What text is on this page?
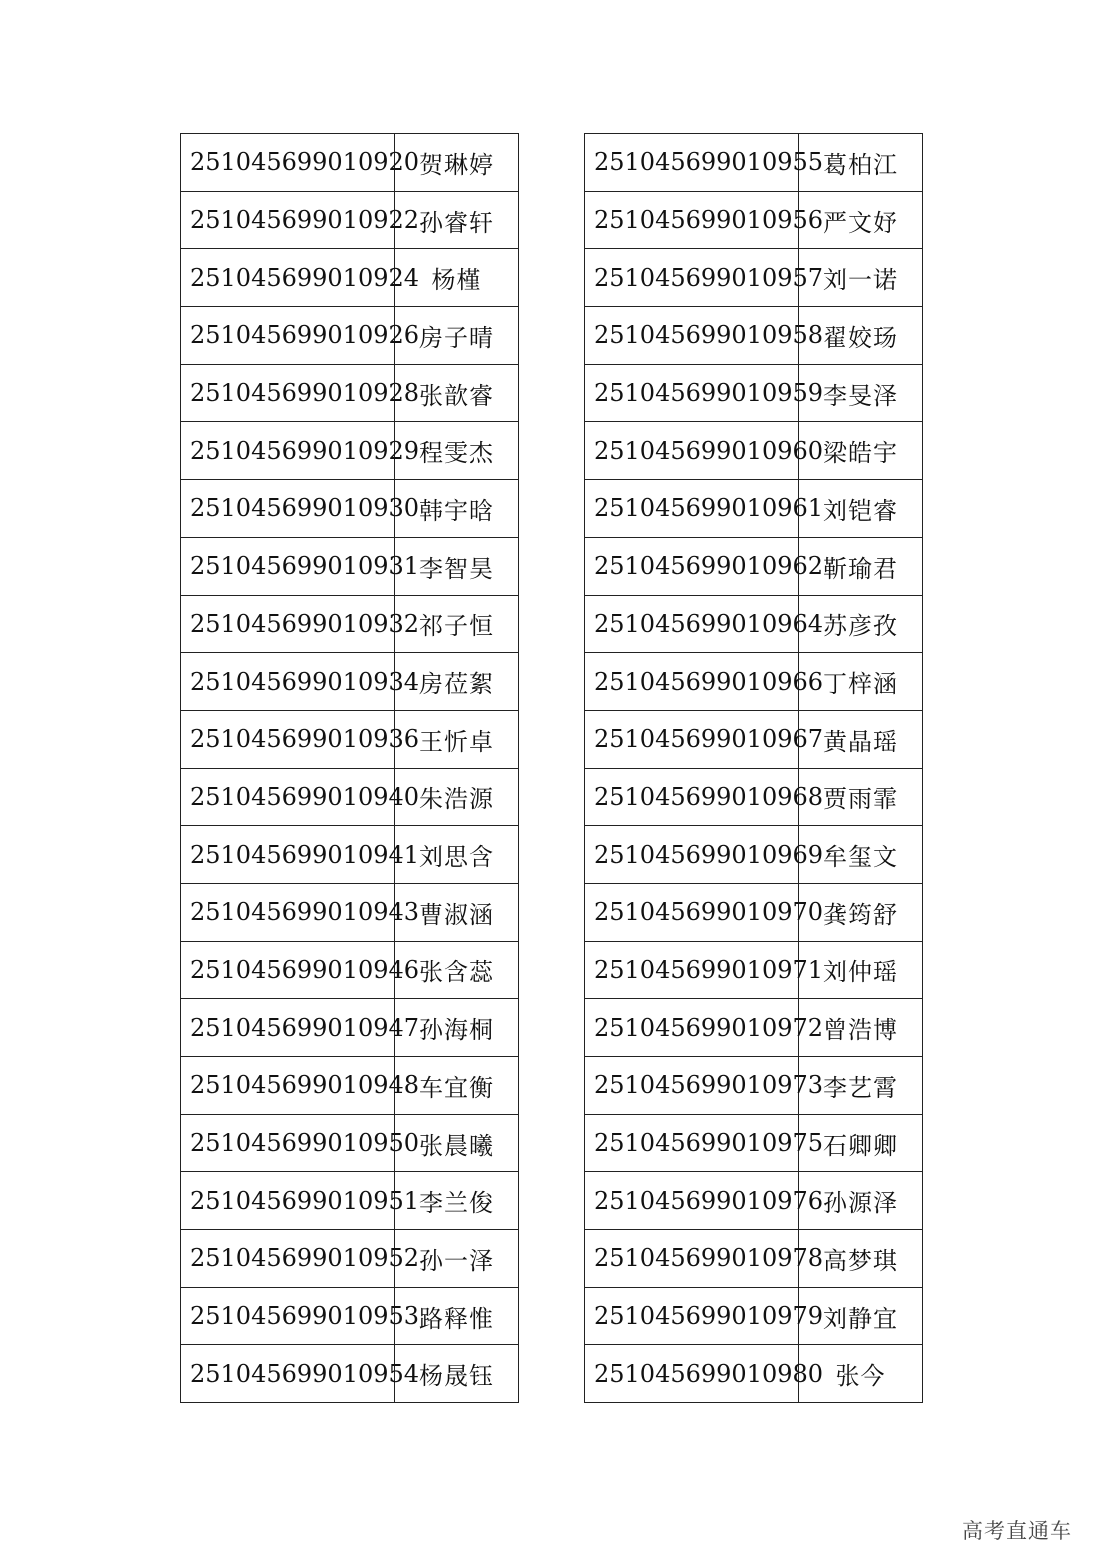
251045699010920	贺琳婷
251045699010922	孙睿轩
251045699010924	杨槿
251045699010926	房子晴
251045699010928	张歆睿
251045699010929	程雯杰
251045699010930	韩宇晗
251045699010931	李智昊
251045699010932	祁子恒
251045699010934	房莅絮
251045699010936	王忻卓
251045699010940	朱浩源
251045699010941	刘思含
251045699010943	曹淑涵
251045699010946	张含蕊
251045699010947	孙海桐
251045699010948	车宜衡
251045699010950	张晨曦
251045699010951	李兰俊
251045699010952	孙一泽
251045699010953	路释惟
251045699010954	杨晟钰
251045699010955	葛柏江
251045699010956	严文妤
251045699010957	刘一诺
251045699010958	翟姣玚
251045699010959	李旻泽
251045699010960	梁皓宇
251045699010961	刘铠睿
251045699010962	靳瑜君
251045699010964	苏彦孜
251045699010966	丁梓涵
251045699010967	黄晶瑶
251045699010968	贾雨霏
251045699010969	牟玺文
251045699010970	龚筠舒
251045699010971	刘仲瑶
251045699010972	曾浩博
251045699010973	李艺霄
251045699010975	石卿卿
251045699010976	孙源泽
251045699010978	高梦琪
251045699010979	刘静宜
251045699010980	张今
高考直通车
